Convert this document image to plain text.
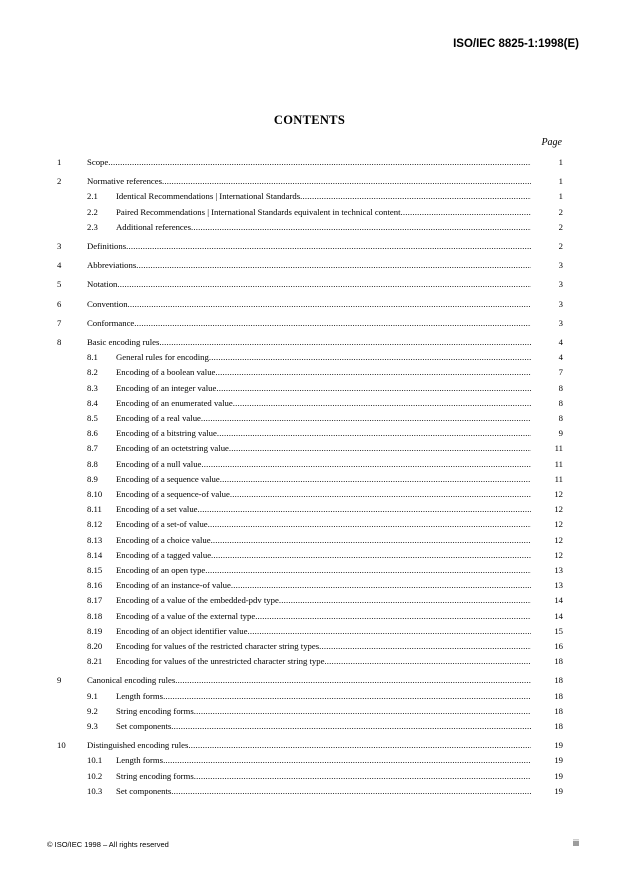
ISO/IEC 8825-1:1998(E)
CONTENTS
Page
1	Scope .....	1
2	Normative references .....	1
2.1 Identical Recommendations | International Standards .....	1
2.2 Paired Recommendations | International Standards equivalent in technical content .....	2
2.3 Additional references .....	2
3	Definitions .....	2
4	Abbreviations .....	3
5	Notation .....	3
6	Convention .....	3
7	Conformance .....	3
8	Basic encoding rules .....	4
8.1 General rules for encoding .....	4
8.2 Encoding of a boolean value .....	7
8.3 Encoding of an integer value .....	8
8.4 Encoding of an enumerated value .....	8
8.5 Encoding of a real value .....	8
8.6 Encoding of a bitstring value .....	9
8.7 Encoding of an octetstring value .....	11
8.8 Encoding of a null value .....	11
8.9 Encoding of a sequence value .....	11
8.10 Encoding of a sequence-of value .....	12
8.11 Encoding of a set value .....	12
8.12 Encoding of a set-of value .....	12
8.13 Encoding of a choice value .....	12
8.14 Encoding of a tagged value .....	12
8.15 Encoding of an open type .....	13
8.16 Encoding of an instance-of value .....	13
8.17 Encoding of a value of the embedded-pdv type .....	14
8.18 Encoding of a value of the external type .....	14
8.19 Encoding of an object identifier value .....	15
8.20 Encoding for values of the restricted character string types .....	16
8.21 Encoding for values of the unrestricted character string type .....	18
9	Canonical encoding rules .....	18
9.1 Length forms .....	18
9.2 String encoding forms .....	18
9.3 Set components .....	18
10 Distinguished encoding rules .....	19
10.1 Length forms .....	19
10.2 String encoding forms .....	19
10.3 Set components .....	19
© ISO/IEC 1998 – All rights reserved	iii
